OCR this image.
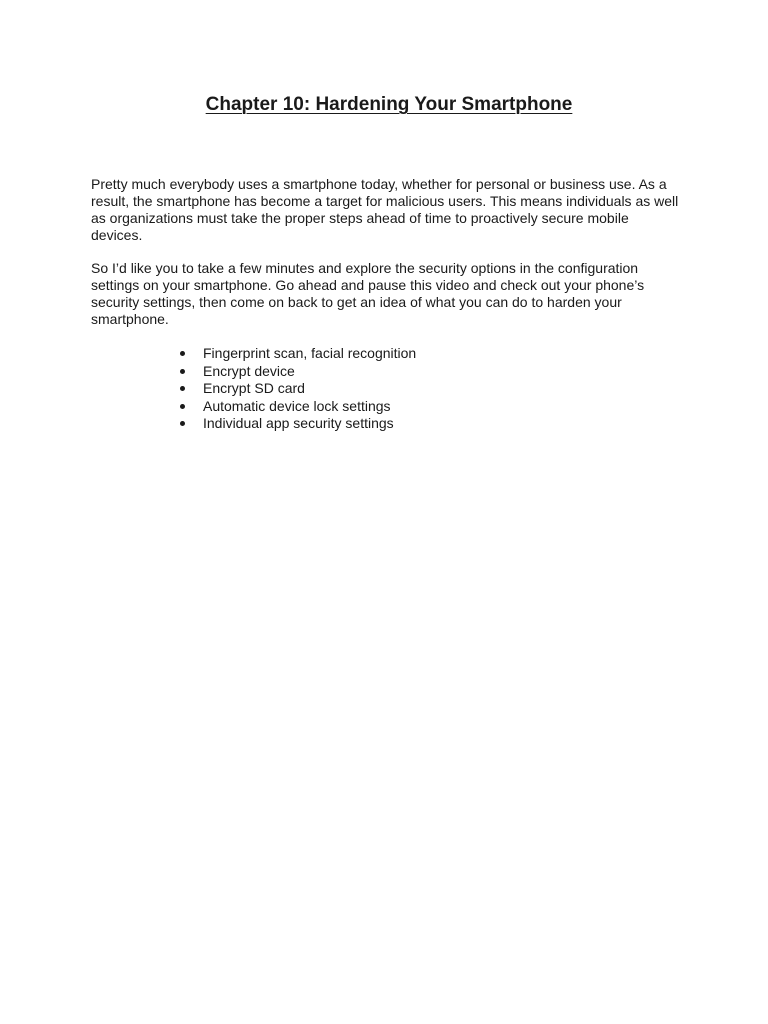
Chapter 10: Hardening Your Smartphone

Pretty much everybody uses a smartphone today, whether for personal or business use. As a result, the smartphone has become a target for malicious users. This means individuals as well as organizations must take the proper steps ahead of time to proactively secure mobile devices.

So I’d like you to take a few minutes and explore the security options in the configuration settings on your smartphone. Go ahead and pause this video and check out your phone’s security settings, then come on back to get an idea of what you can do to harden your smartphone.

Fingerprint scan, facial recognition
Encrypt device
Encrypt SD card
Automatic device lock settings
Individual app security settings
